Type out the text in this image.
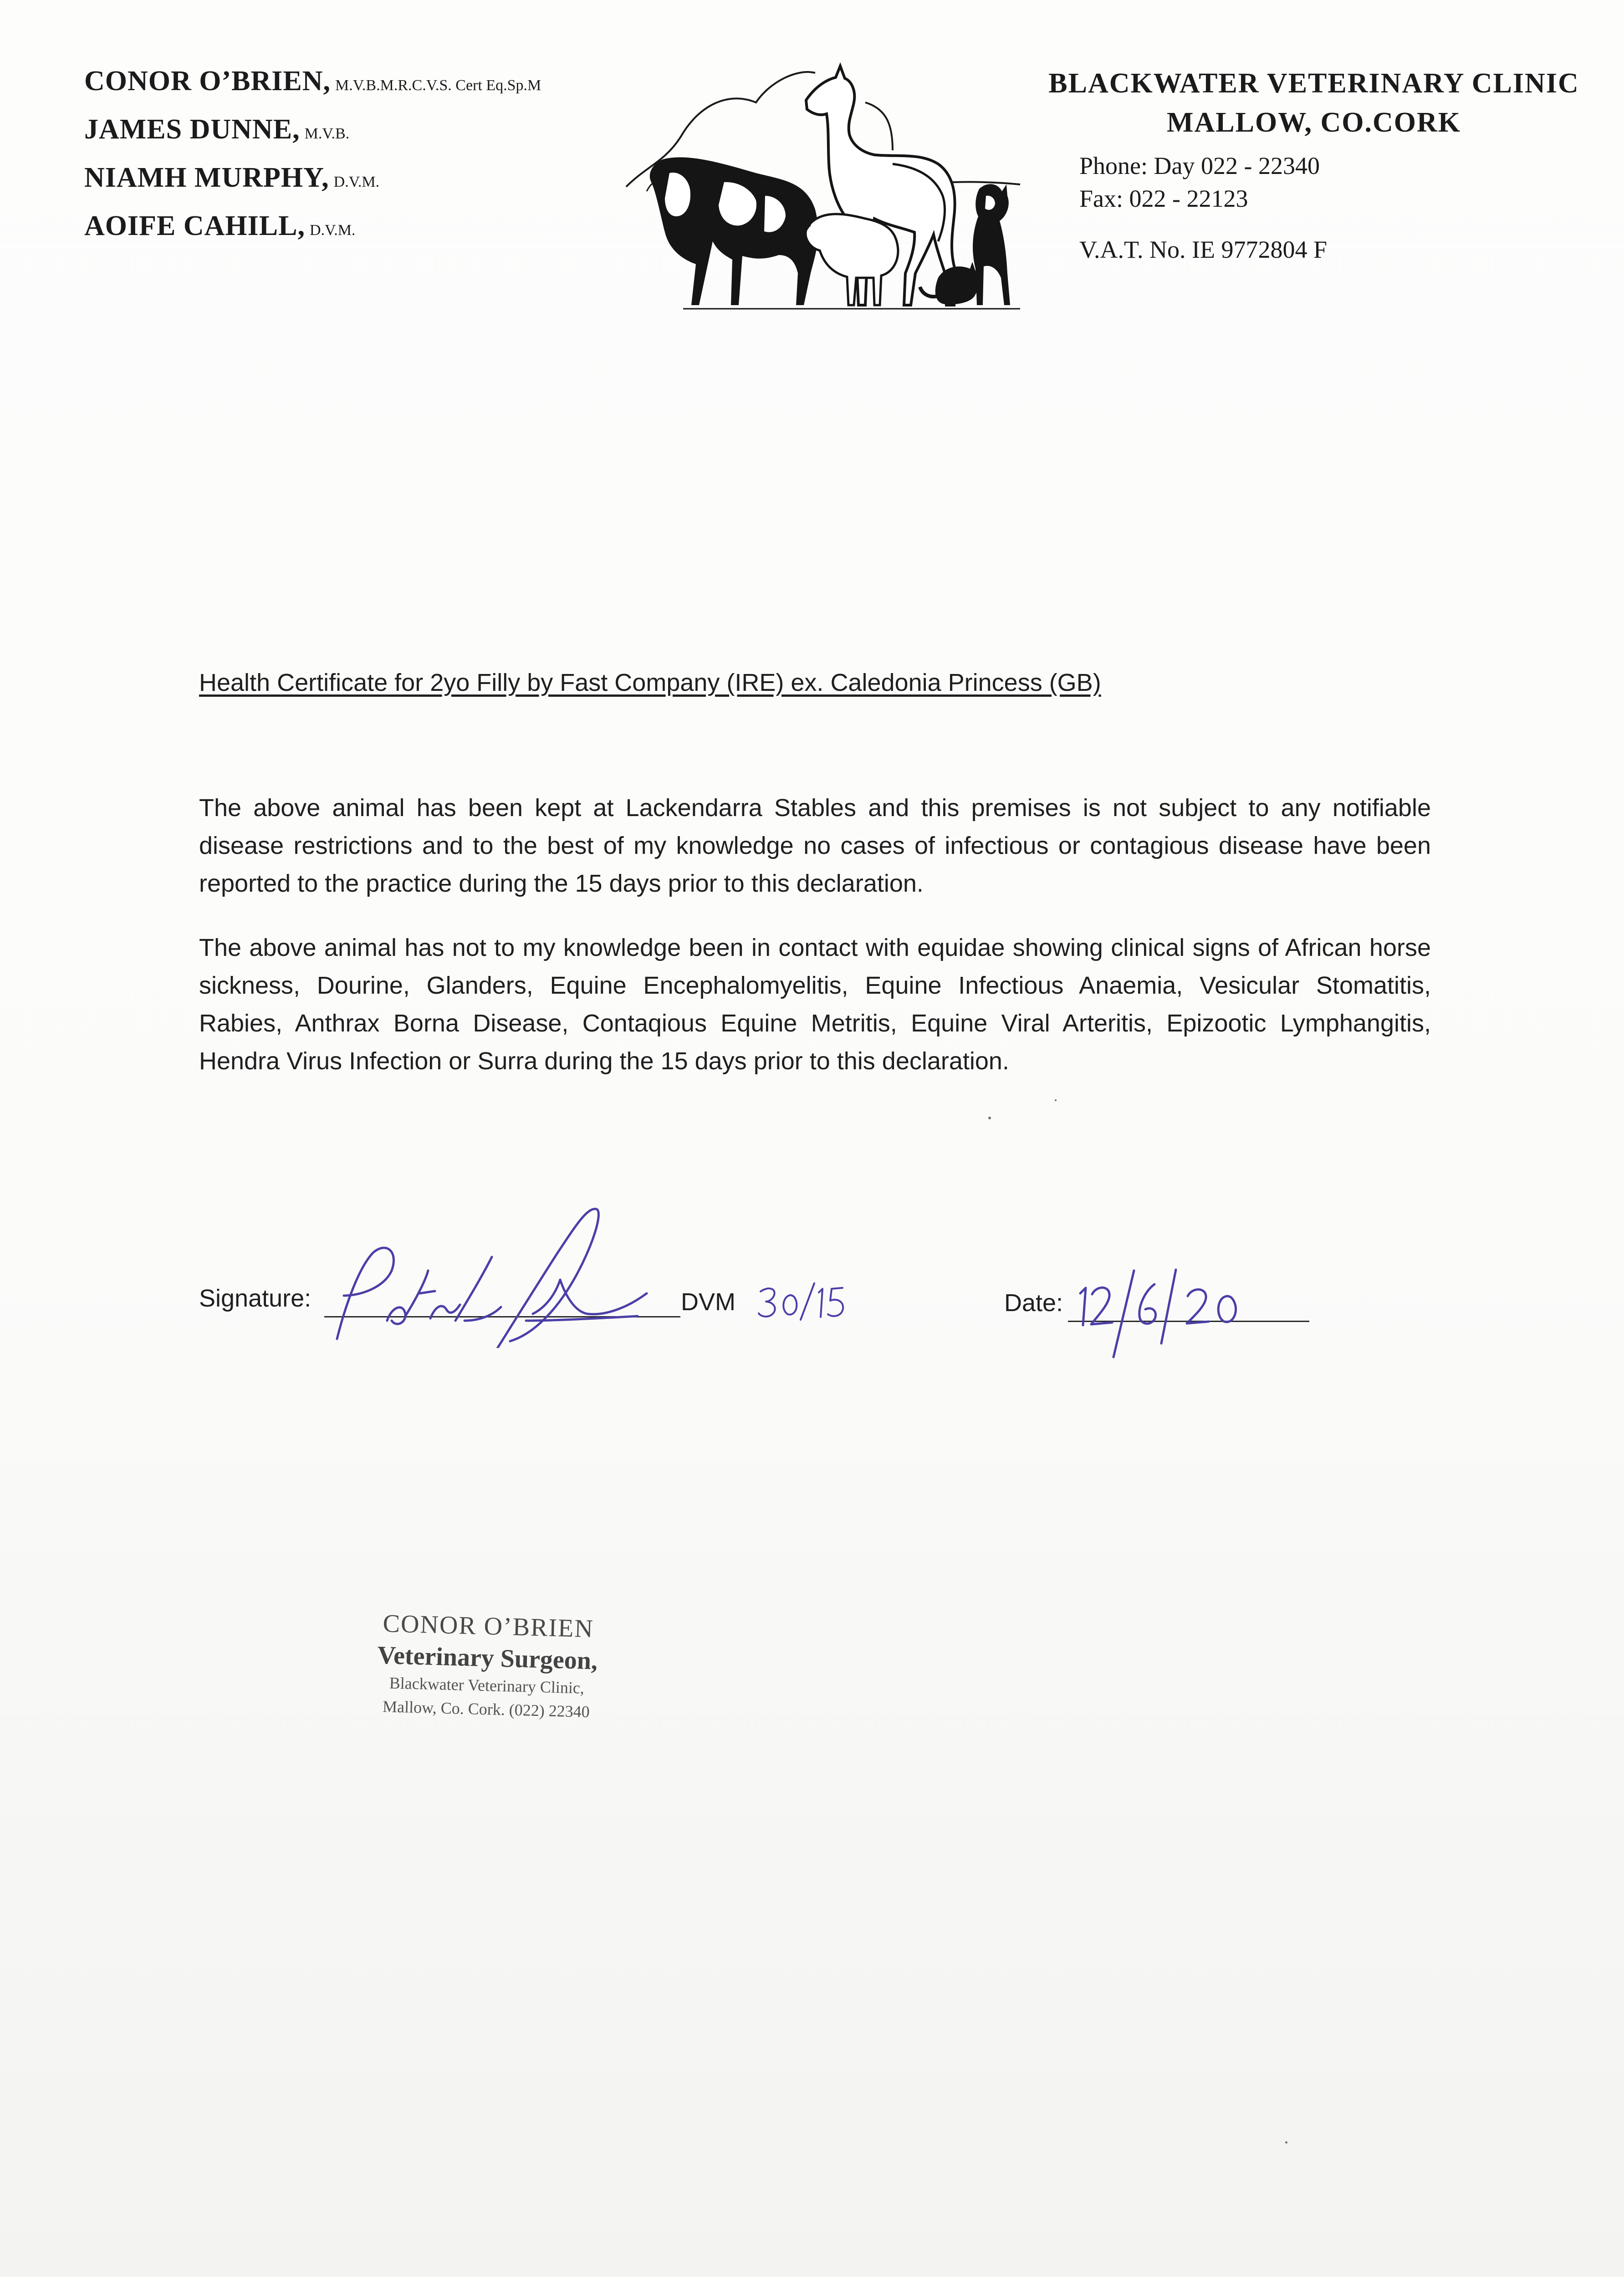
CONOR O’BRIEN, M.V.B.M.R.C.V.S. Cert Eq.Sp.M
JAMES DUNNE, M.V.B.
NIAMH MURPHY, D.V.M.
AOIFE CAHILL, D.V.M.
BLACKWATER VETERINARY CLINIC
MALLOW, CO.CORK
Phone: Day 022 - 22340
Fax: 022 - 22123
V.A.T. No. IE 9772804 F
Health Certificate for 2yo Filly by Fast Company (IRE) ex. Caledonia Princess (GB)

The above animal has been kept at Lackendarra Stables and this premises is not subject to any notifiable disease restrictions and to the best of my knowledge no cases of infectious or contagious disease have been reported to the practice during the 15 days prior to this declaration.

The above animal has not to my knowledge been in contact with equidae showing clinical signs of African horse sickness, Dourine, Glanders, Equine Encephalomyelitis, Equine Infectious Anaemia, Vesicular Stomatitis, Rabies, Anthrax Borna Disease, Contaqious Equine Metritis, Equine Viral Arteritis, Epizootic Lymphangitis, Hendra Virus Infection or Surra during the 15 days prior to this declaration.

Signature:	DVM	Date:
CONOR O’BRIEN
Veterinary Surgeon,
Blackwater Veterinary Clinic,
Mallow, Co. Cork. (022) 22340
